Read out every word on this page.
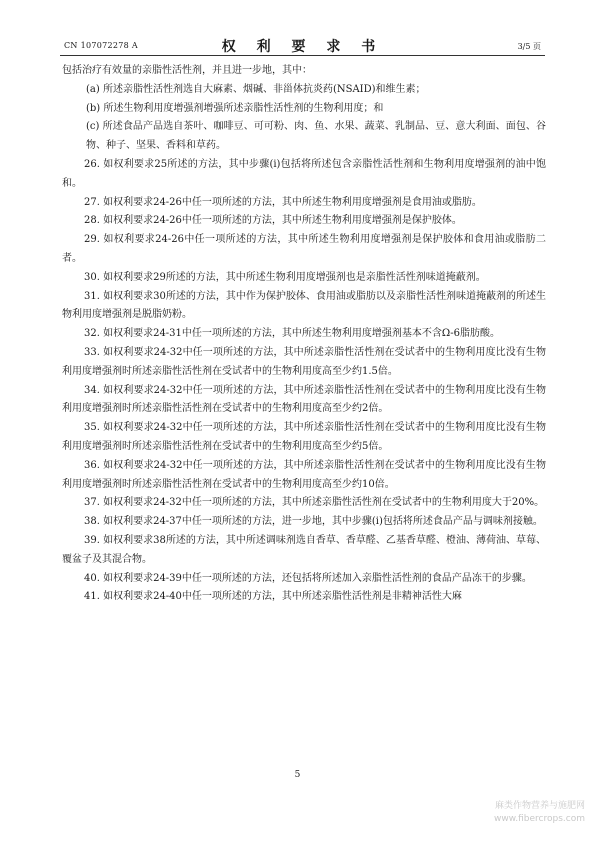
CN 107072278 A	权 利 要 求 书	3/5 页

包括治疗有效量的亲脂性活性剂，并且进一步地，其中：

(a) 所述亲脂性活性剂选自大麻素、烟碱、非甾体抗炎药(NSAID)和维生素；

(b) 所述生物利用度增强剂增强所述亲脂性活性剂的生物利用度；和

(c) 所述食品产品选自茶叶、咖啡豆、可可粉、肉、鱼、水果、蔬菜、乳制品、豆、意大利面、面包、谷物、种子、坚果、香料和草药。

26. 如权利要求25所述的方法，其中步骤(i)包括将所述包含亲脂性活性剂和生物利用度增强剂的油中饱和。

27. 如权利要求24-26中任一项所述的方法，其中所述生物利用度增强剂是食用油或脂肪。

28. 如权利要求24-26中任一项所述的方法，其中所述生物利用度增强剂是保护胶体。

29. 如权利要求24-26中任一项所述的方法，其中所述生物利用度增强剂是保护胶体和食用油或脂肪二者。

30. 如权利要求29所述的方法，其中所述生物利用度增强剂也是亲脂性活性剂味道掩蔽剂。

31. 如权利要求30所述的方法，其中作为保护胶体、食用油或脂肪以及亲脂性活性剂味道掩蔽剂的所述生物利用度增强剂是脱脂奶粉。

32. 如权利要求24-31中任一项所述的方法，其中所述生物利用度增强剂基本不含Ω-6脂肪酸。

33. 如权利要求24-32中任一项所述的方法，其中所述亲脂性活性剂在受试者中的生物利用度比没有生物利用度增强剂时所述亲脂性活性剂在受试者中的生物利用度高至少约1.5倍。

34. 如权利要求24-32中任一项所述的方法，其中所述亲脂性活性剂在受试者中的生物利用度比没有生物利用度增强剂时所述亲脂性活性剂在受试者中的生物利用度高至少约2倍。

35. 如权利要求24-32中任一项所述的方法，其中所述亲脂性活性剂在受试者中的生物利用度比没有生物利用度增强剂时所述亲脂性活性剂在受试者中的生物利用度高至少约5倍。

36. 如权利要求24-32中任一项所述的方法，其中所述亲脂性活性剂在受试者中的生物利用度比没有生物利用度增强剂时所述亲脂性活性剂在受试者中的生物利用度高至少约10倍。

37. 如权利要求24-32中任一项所述的方法，其中所述亲脂性活性剂在受试者中的生物利用度大于20%。

38. 如权利要求24-37中任一项所述的方法，进一步地，其中步骤(i)包括将所述食品产品与调味剂接触。

39. 如权利要求38所述的方法，其中所述调味剂选自香草、香草醛、乙基香草醛、橙油、薄荷油、草莓、覆盆子及其混合物。

40. 如权利要求24-39中任一项所述的方法，还包括将所述加入亲脂性活性剂的食品产品冻干的步骤。

41. 如权利要求24-40中任一项所述的方法，其中所述亲脂性活性剂是非精神活性大麻

5
麻类作物营养与施肥网
www.fibercrops.com
